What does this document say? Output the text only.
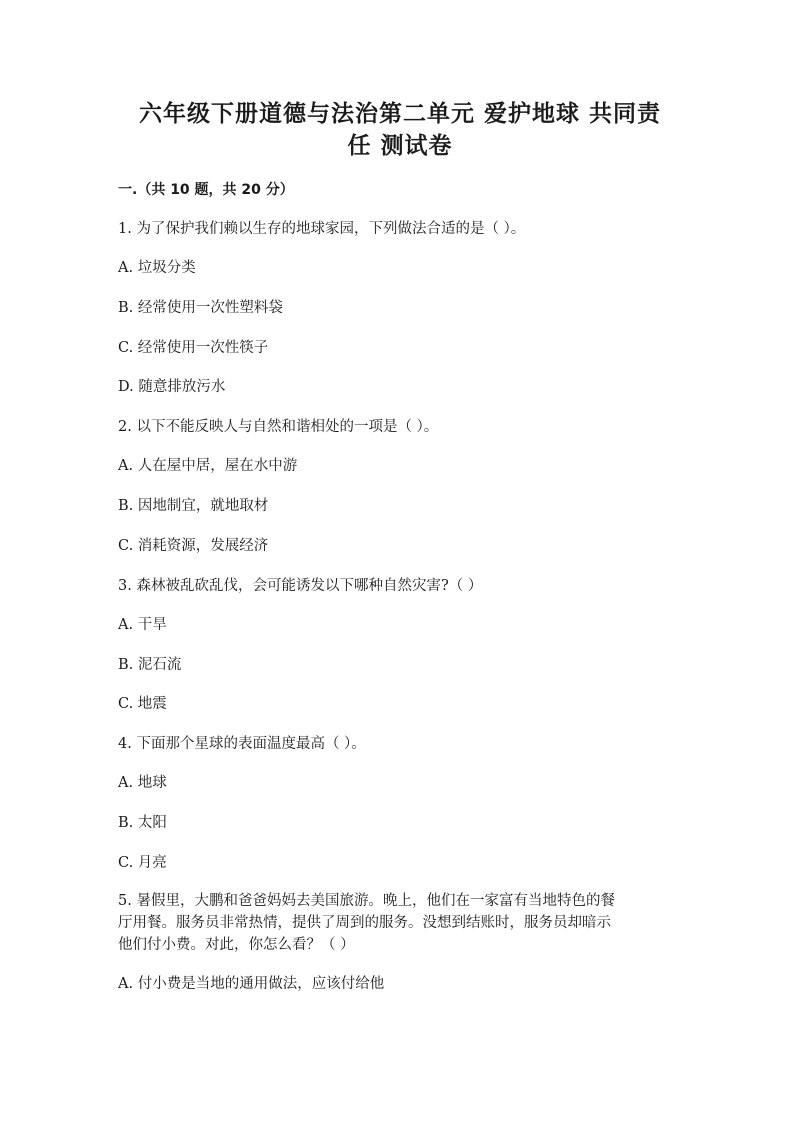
六年级下册道德与法治第二单元 爱护地球 共同责
任 测试卷
一.（共 10 题，共 20 分）
1. 为了保护我们赖以生存的地球家园，下列做法合适的是（ ）。
A. 垃圾分类
B. 经常使用一次性塑料袋
C. 经常使用一次性筷子
D. 随意排放污水
2. 以下不能反映人与自然和谐相处的一项是（ ）。
A. 人在屋中居，屋在水中游
B. 因地制宜，就地取材
C. 消耗资源，发展经济
3. 森林被乱砍乱伐，会可能诱发以下哪种自然灾害?（ ）
A. 干旱
B. 泥石流
C. 地震
4. 下面那个星球的表面温度最高（ ）。
A. 地球
B. 太阳
C. 月亮
5. 暑假里，大鹏和爸爸妈妈去美国旅游。晚上，他们在一家富有当地特色的餐
厅用餐。服务员非常热情，提供了周到的服务。没想到结账时，服务员却暗示
他们付小费。对此，你怎么看？（ ）
A. 付小费是当地的通用做法，应该付给他
